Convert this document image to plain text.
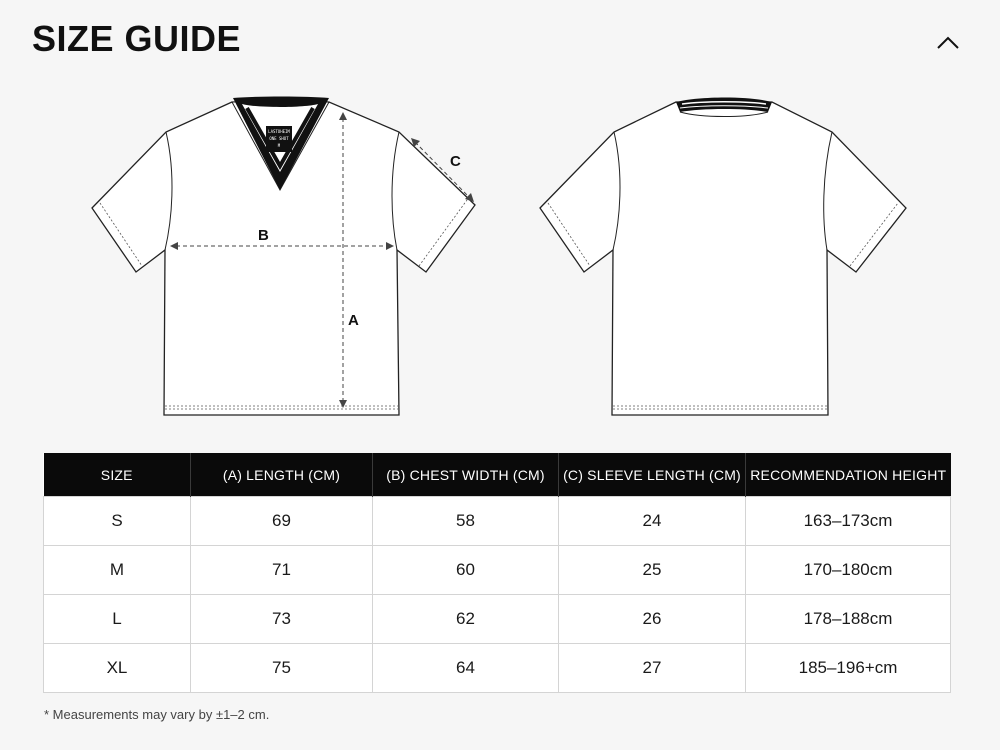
SIZE GUIDE
LASTOHEIM
ONE SHOT
M
A
B
C
SIZE	(A) LENGTH (CM)	(B) CHEST WIDTH (CM)	(C) SLEEVE LENGTH (CM)	RECOMMENDATION HEIGHT
S	69	58	24	163–173cm
M	71	60	25	170–180cm
L	73	62	26	178–188cm
XL	75	64	27	185–196+cm
* Measurements may vary by ±1–2 cm.
